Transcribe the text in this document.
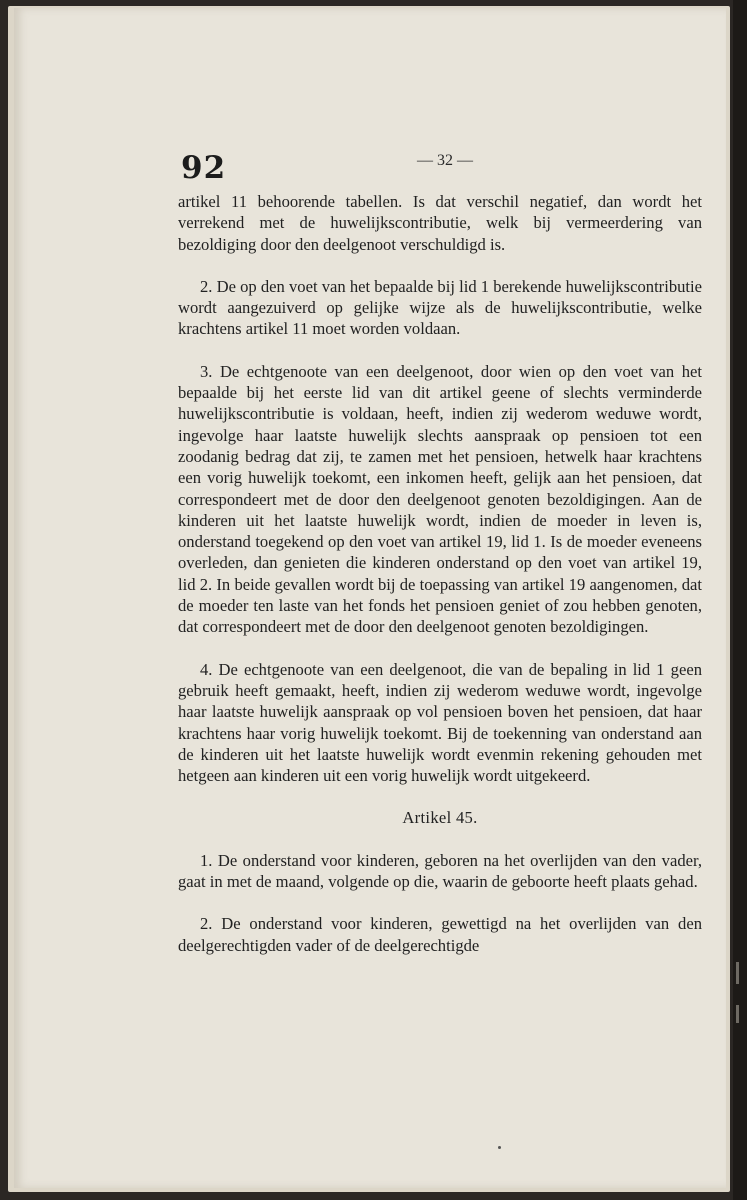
92	— 32 —

artikel 11 behoorende tabellen. Is dat verschil negatief, dan wordt het verrekend met de huwelijkscontributie, welk bij vermeerdering van bezoldiging door den deelgenoot verschuldigd is.

2. De op den voet van het bepaalde bij lid 1 berekende huwelijkscontributie wordt aangezuiverd op gelijke wijze als de huwelijkscontributie, welke krachtens artikel 11 moet worden voldaan.

3. De echtgenoote van een deelgenoot, door wien op den voet van het bepaalde bij het eerste lid van dit artikel geene of slechts verminderde huwelijkscontributie is voldaan, heeft, indien zij wederom weduwe wordt, ingevolge haar laatste huwelijk slechts aanspraak op pensioen tot een zoodanig bedrag dat zij, te zamen met het pensioen, hetwelk haar krachtens een vorig huwelijk toekomt, een inkomen heeft, gelijk aan het pensioen, dat correspondeert met de door den deelgenoot genoten bezoldigingen. Aan de kinderen uit het laatste huwelijk wordt, indien de moeder in leven is, onderstand toegekend op den voet van artikel 19, lid 1. Is de moeder eveneens overleden, dan genieten die kinderen onderstand op den voet van artikel 19, lid 2. In beide gevallen wordt bij de toepassing van artikel 19 aangenomen, dat de moeder ten laste van het fonds het pensioen geniet of zou hebben genoten, dat correspondeert met de door den deelgenoot genoten bezoldigingen.

4. De echtgenoote van een deelgenoot, die van de bepaling in lid 1 geen gebruik heeft gemaakt, heeft, indien zij wederom weduwe wordt, ingevolge haar laatste huwelijk aanspraak op vol pensioen boven het pensioen, dat haar krachtens haar vorig huwelijk toekomt. Bij de toekenning van onderstand aan de kinderen uit het laatste huwelijk wordt evenmin rekening gehouden met hetgeen aan kinderen uit een vorig huwelijk wordt uitgekeerd.

Artikel 45.

1. De onderstand voor kinderen, geboren na het overlijden van den vader, gaat in met de maand, volgende op die, waarin de geboorte heeft plaats gehad.

2. De onderstand voor kinderen, gewettigd na het overlijden van den deelgerechtigden vader of de deelgerechtigde
